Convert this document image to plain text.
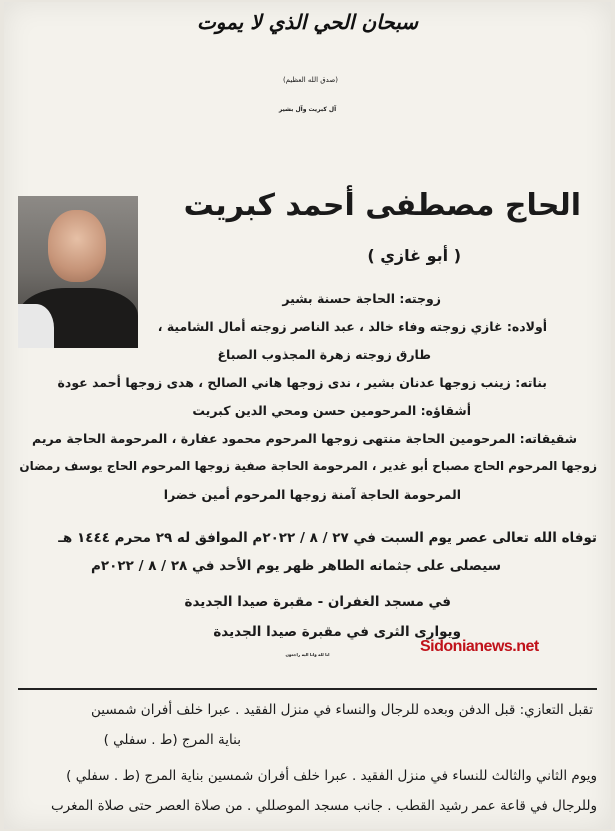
سبحان الحي الذي لا يموت
(صدق الله العظيم)
آل كبريت وآل بشير
الحاج مصطفى أحمد كبريت
( أبو غازي )
زوجته: الحاجة حسنة بشير
أولاده: غازي زوجته وفاء خالد ، عبد الناصر زوجته أمال الشامية ،
طارق زوجته زهرة المجذوب الصباغ
بناته: زينب زوجها عدنان بشير ، ندى زوجها هاني الصالح ، هدى زوجها أحمد عودة
أشقاؤه: المرحومين حسن ومحي الدين كبريت
شقيقاته: المرحومين الحاجة منتهى زوجها المرحوم محمود عفارة ، المرحومة الحاجة مريم
زوجها المرحوم الحاج مصباح أبو غدير ، المرحومة الحاجة صفية زوجها المرحوم الحاج يوسف رمضان
المرحومة الحاجة آمنة زوجها المرحوم أمين خضرا
توفاه الله تعالى عصر يوم السبت في ٢٧ / ٨ / ٢٠٢٢م الموافق له ٢٩ محرم ١٤٤٤ هـ
سيصلى على جثمانه الطاهر ظهر يوم الأحد في ٢٨ / ٨ / ٢٠٢٢م
في مسجد الغفران - مقبرة صيدا الجديدة
ويوارى الثرى في مقبرة صيدا الجديدة
Sidonianews.net
انا لله وانا اليه راجعون
تقبل التعازي: قبل الدفن وبعده للرجال والنساء في منزل الفقيد . عبرا خلف أفران شمسين
بناية المرج (ط . سفلي )
ويوم الثاني والثالث للنساء في منزل الفقيد . عبرا خلف أفران شمسين بناية المرج (ط . سفلي )
وللرجال في قاعة عمر رشيد القطب . جانب مسجد الموصللي . من صلاة العصر حتى صلاة المغرب
